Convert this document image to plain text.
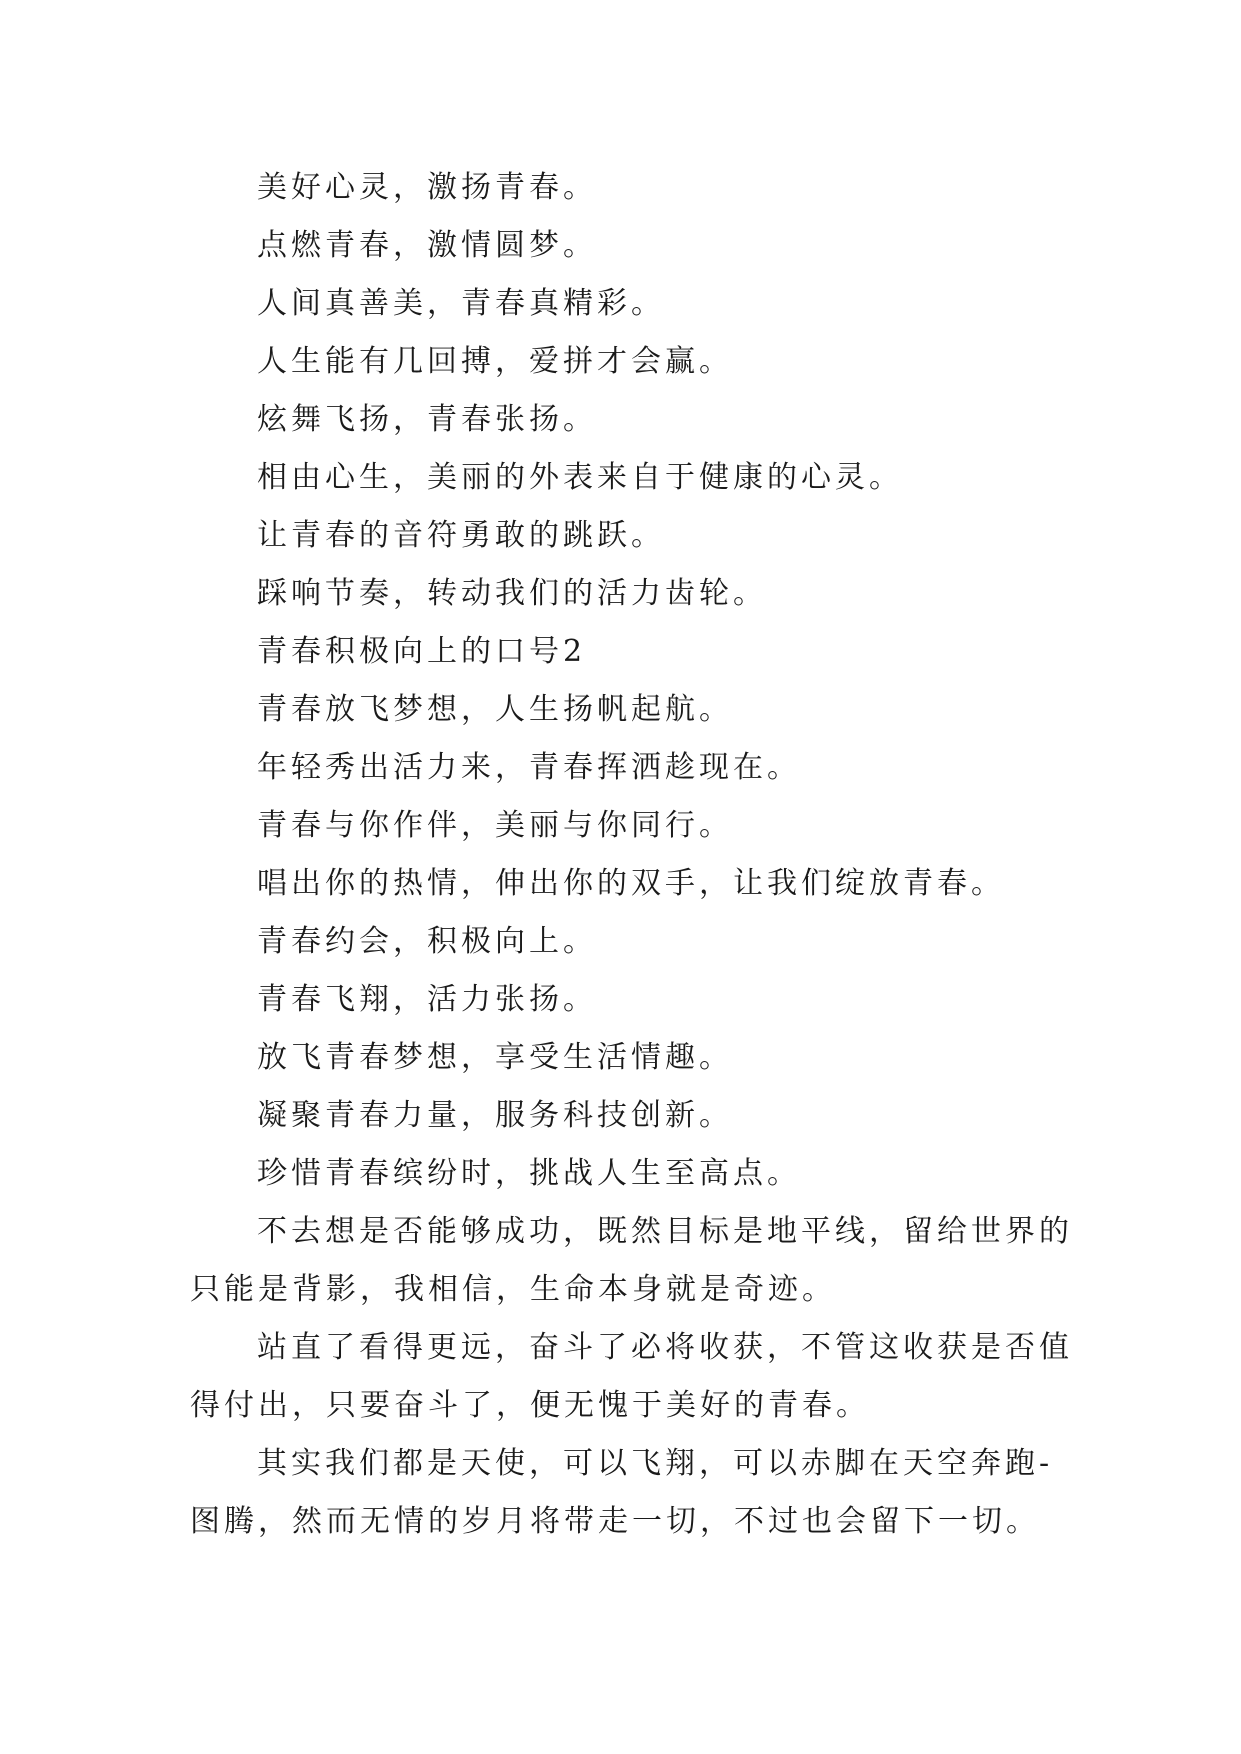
美好心灵，激扬青春。
点燃青春，激情圆梦。
人间真善美，青春真精彩。
人生能有几回搏，爱拼才会赢。
炫舞飞扬，青春张扬。
相由心生，美丽的外表来自于健康的心灵。
让青春的音符勇敢的跳跃。
踩响节奏，转动我们的活力齿轮。
青春积极向上的口号2
青春放飞梦想，人生扬帆起航。
年轻秀出活力来，青春挥洒趁现在。
青春与你作伴，美丽与你同行。
唱出你的热情，伸出你的双手，让我们绽放青春。
青春约会，积极向上。
青春飞翔，活力张扬。
放飞青春梦想，享受生活情趣。
凝聚青春力量，服务科技创新。
珍惜青春缤纷时，挑战人生至高点。
不去想是否能够成功，既然目标是地平线，留给世界的
只能是背影，我相信，生命本身就是奇迹。
站直了看得更远，奋斗了必将收获，不管这收获是否值
得付出，只要奋斗了，便无愧于美好的青春。
其实我们都是天使，可以飞翔，可以赤脚在天空奔跑-
图腾，然而无情的岁月将带走一切，不过也会留下一切。
